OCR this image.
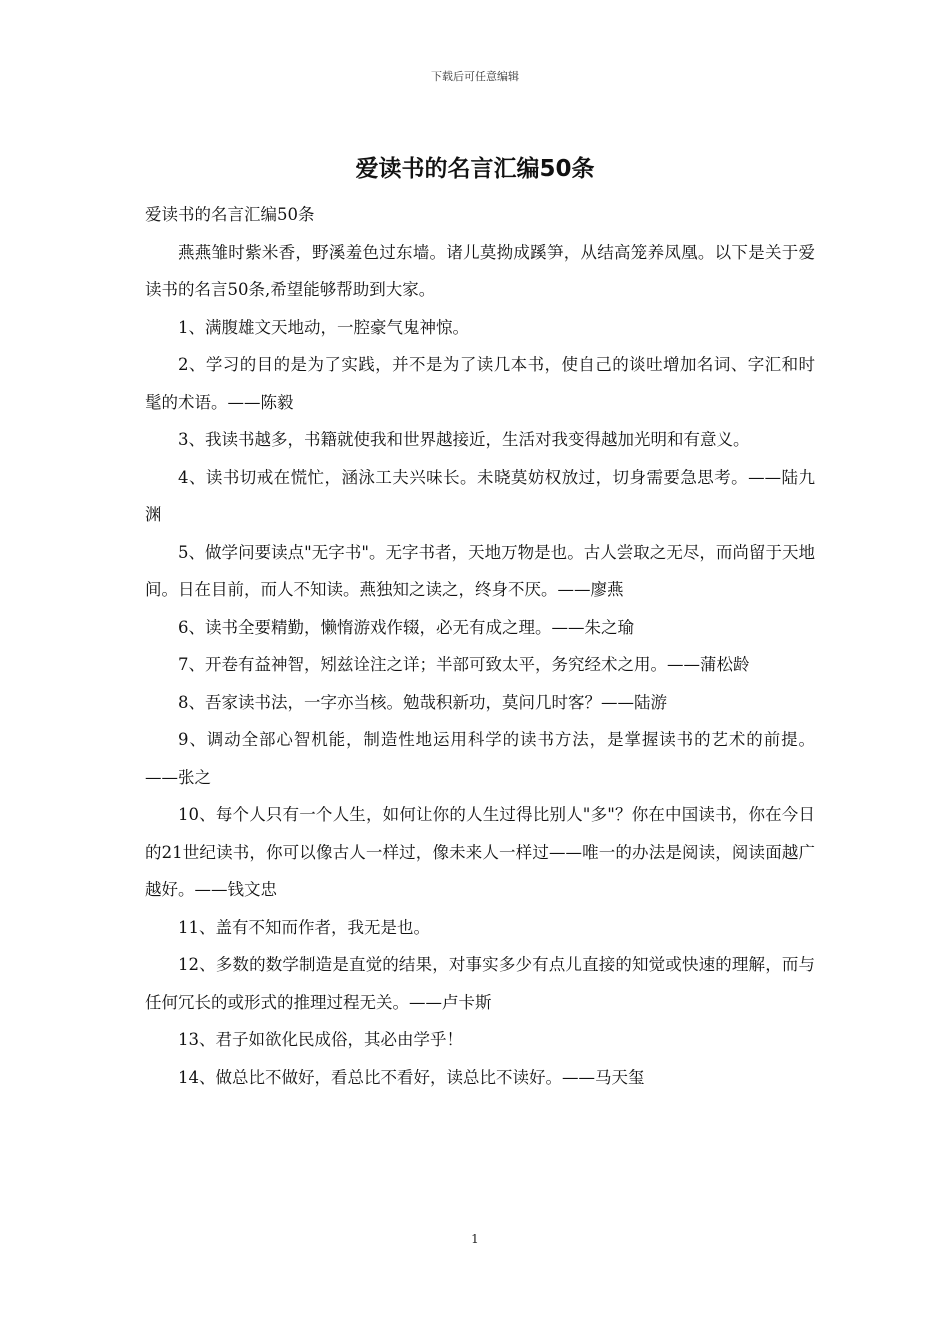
下载后可任意编辑
爱读书的名言汇编50条

爱读书的名言汇编50条

燕燕雏时紫米香，野溪羞色过东墙。诸儿莫拗成蹊笋，从结高笼养凤凰。以下是关于爱读书的名言50条,希望能够帮助到大家。

1、满腹雄文天地动，一腔豪气鬼神惊。

2、学习的目的是为了实践，并不是为了读几本书，使自己的谈吐增加名词、字汇和时髦的术语。——陈毅

3、我读书越多，书籍就使我和世界越接近，生活对我变得越加光明和有意义。

4、读书切戒在慌忙，涵泳工夫兴味长。未晓莫妨权放过，切身需要急思考。——陆九渊

5、做学问要读点"无字书"。无字书者，天地万物是也。古人尝取之无尽，而尚留于天地间。日在目前，而人不知读。燕独知之读之，终身不厌。——廖燕

6、读书全要精勤，懒惰游戏作辍，必无有成之理。——朱之瑜

7、开卷有益神智，矧兹诠注之详；半部可致太平，务究经术之用。——蒲松龄

8、吾家读书法，一字亦当核。勉哉积新功，莫问几时客？——陆游

9、调动全部心智机能，制造性地运用科学的读书方法，是掌握读书的艺术的前提。——张之

10、每个人只有一个人生，如何让你的人生过得比别人"多"？你在中国读书，你在今日的21世纪读书，你可以像古人一样过，像未来人一样过——唯一的办法是阅读，阅读面越广越好。——钱文忠

11、盖有不知而作者，我无是也。

12、多数的数学制造是直觉的结果，对事实多少有点儿直接的知觉或快速的理解，而与任何冗长的或形式的推理过程无关。——卢卡斯

13、君子如欲化民成俗，其必由学乎！

14、做总比不做好，看总比不看好，读总比不读好。——马天玺

1
